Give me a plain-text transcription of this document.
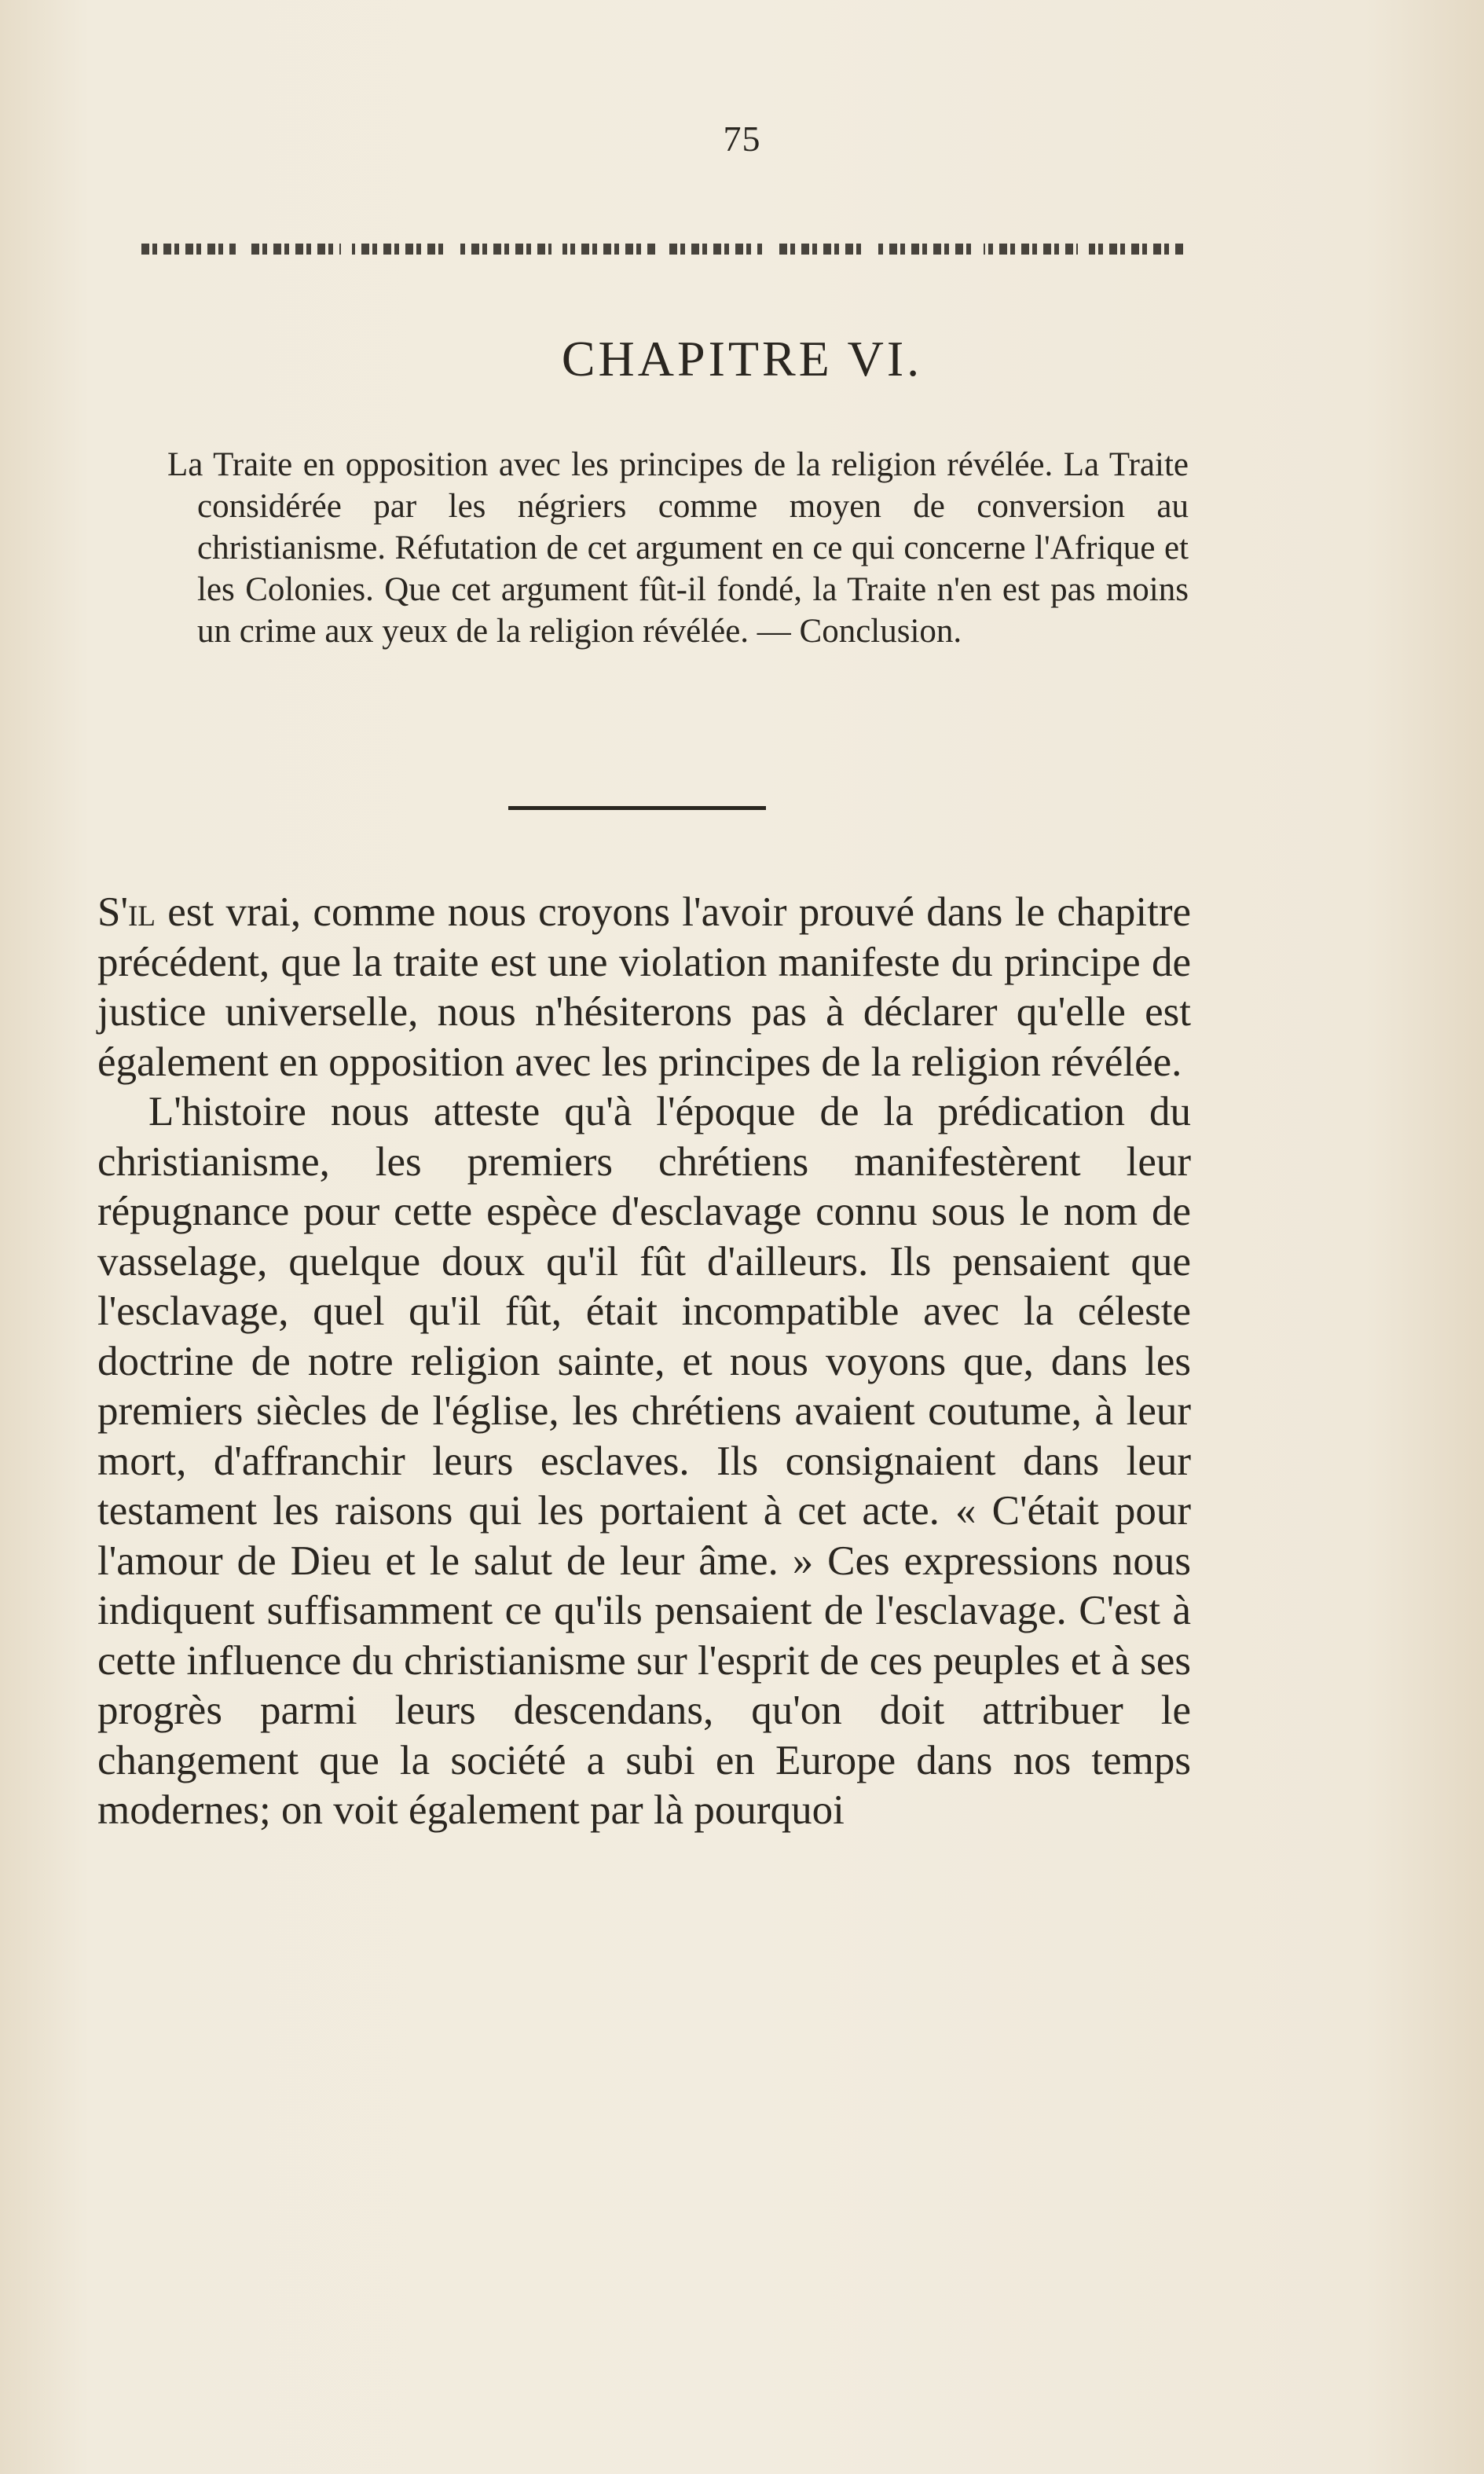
75
CHAPITRE VI.

La Traite en opposition avec les principes de la religion révélée. La Traite considérée par les négriers comme moyen de conversion au christianisme. Réfutation de cet argument en ce qui concerne l'Afrique et les Colonies. Que cet argument fût-il fondé, la Traite n'en est pas moins un crime aux yeux de la religion révélée. — Conclusion.

S'il est vrai, comme nous croyons l'avoir prouvé dans le chapitre précédent, que la traite est une violation manifeste du principe de justice universelle, nous n'hésiterons pas à déclarer qu'elle est également en opposition avec les principes de la religion révélée.

L'histoire nous atteste qu'à l'époque de la prédication du christianisme, les premiers chrétiens manifestèrent leur répugnance pour cette espèce d'esclavage connu sous le nom de vasselage, quelque doux qu'il fût d'ailleurs. Ils pensaient que l'esclavage, quel qu'il fût, était incompatible avec la céleste doctrine de notre religion sainte, et nous voyons que, dans les premiers siècles de l'église, les chrétiens avaient coutume, à leur mort, d'affranchir leurs esclaves. Ils consignaient dans leur testament les raisons qui les portaient à cet acte. « C'était pour l'amour de Dieu et le salut de leur âme. » Ces expressions nous indiquent suffisamment ce qu'ils pensaient de l'esclavage. C'est à cette influence du christianisme sur l'esprit de ces peuples et à ses progrès parmi leurs descendans, qu'on doit attribuer le changement que la société a subi en Europe dans nos temps modernes; on voit également par là pourquoi
